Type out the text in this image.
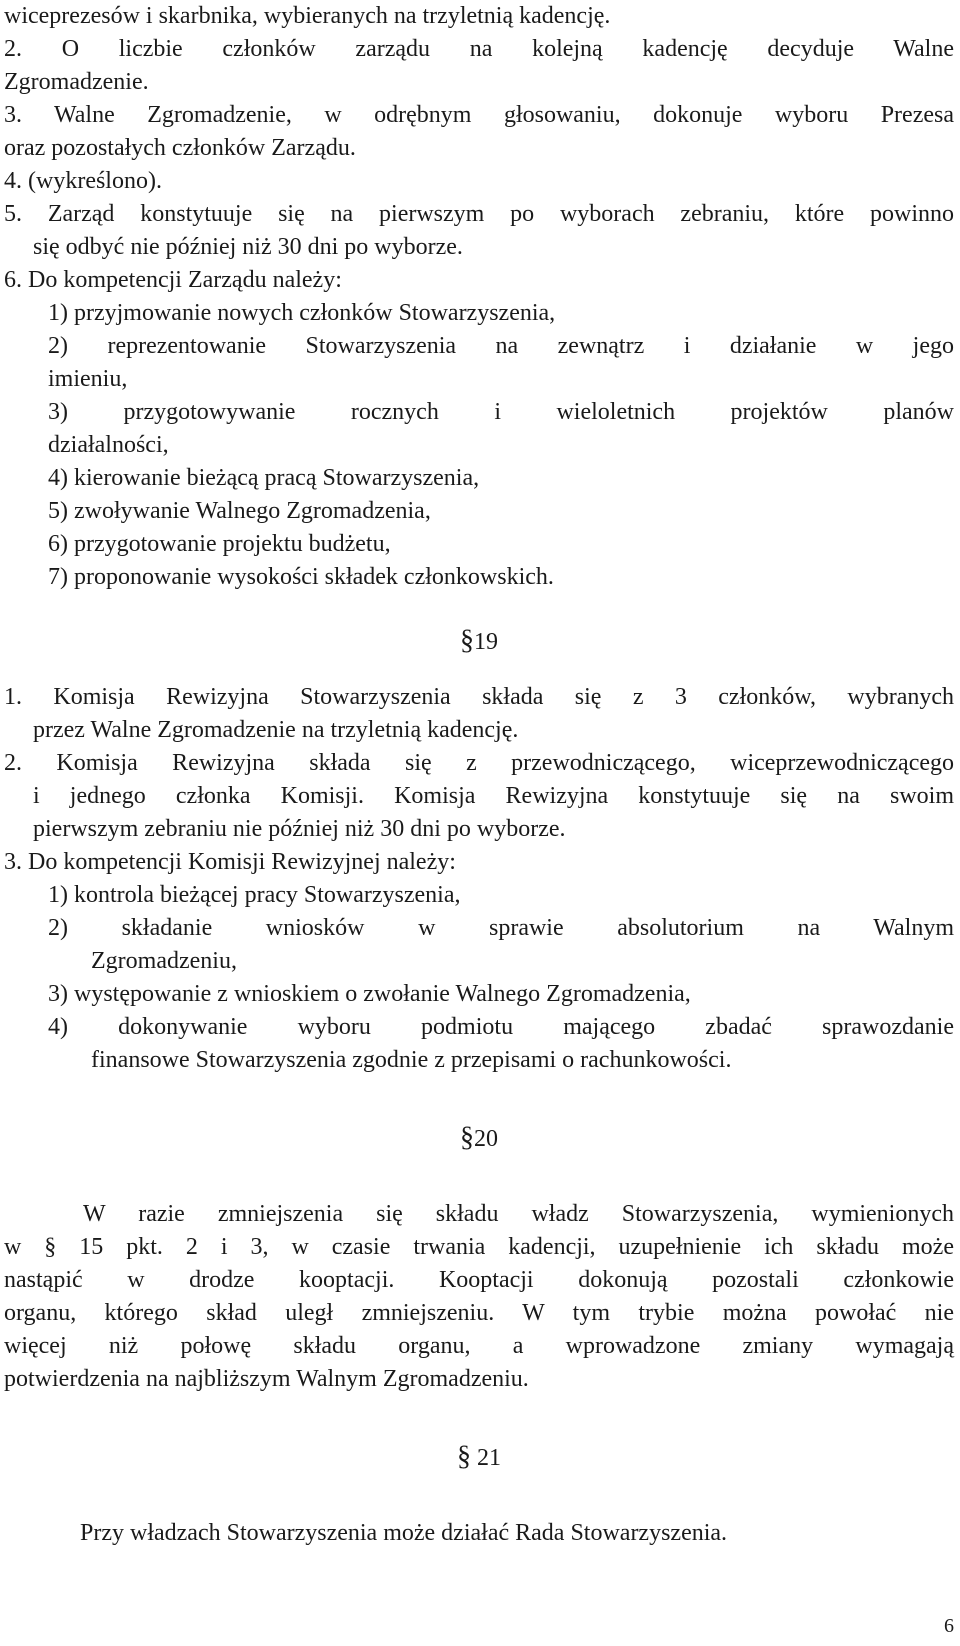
wiceprezesów i skarbnika, wybieranych na trzyletnią kadencję.
2. O liczbie członków zarządu na kolejną kadencję decyduje Walne
Zgromadzenie.
3. Walne Zgromadzenie, w odrębnym głosowaniu, dokonuje wyboru Prezesa
oraz pozostałych członków Zarządu.
4. (wykreślono).
5. Zarząd konstytuuje się na pierwszym po wyborach zebraniu, które powinno
się odbyć nie później niż 30 dni po wyborze.
6. Do kompetencji Zarządu należy:
1) przyjmowanie nowych członków Stowarzyszenia,
2) reprezentowanie Stowarzyszenia na zewnątrz i działanie w jego
imieniu,
3) przygotowywanie rocznych i wieloletnich projektów planów
działalności,
4) kierowanie bieżącą pracą Stowarzyszenia,
5) zwoływanie Walnego Zgromadzenia,
6) przygotowanie projektu budżetu,
7) proponowanie wysokości składek członkowskich.
§19
1. Komisja Rewizyjna Stowarzyszenia składa się z 3 członków, wybranych
przez Walne Zgromadzenie na trzyletnią kadencję.
2. Komisja Rewizyjna składa się z przewodniczącego, wiceprzewodniczącego
i jednego członka Komisji. Komisja Rewizyjna konstytuuje się na swoim
pierwszym zebraniu nie później niż 30 dni po wyborze.
3. Do kompetencji Komisji Rewizyjnej należy:
1) kontrola bieżącej pracy Stowarzyszenia,
2) składanie wniosków w sprawie absolutorium na Walnym
Zgromadzeniu,
3) występowanie z wnioskiem o zwołanie Walnego Zgromadzenia,
4) dokonywanie wyboru podmiotu mającego zbadać sprawozdanie
finansowe Stowarzyszenia zgodnie z przepisami o rachunkowości.
§20
W razie zmniejszenia się składu władz Stowarzyszenia, wymienionych
w § 15 pkt. 2 i 3, w czasie trwania kadencji, uzupełnienie ich składu może
nastąpić w drodze kooptacji. Kooptacji dokonują pozostali członkowie
organu, którego skład uległ zmniejszeniu. W tym trybie można powołać nie
więcej niż połowę składu organu, a wprowadzone zmiany wymagają
potwierdzenia na najbliższym Walnym Zgromadzeniu.
§ 21
Przy władzach Stowarzyszenia może działać Rada Stowarzyszenia.
6
